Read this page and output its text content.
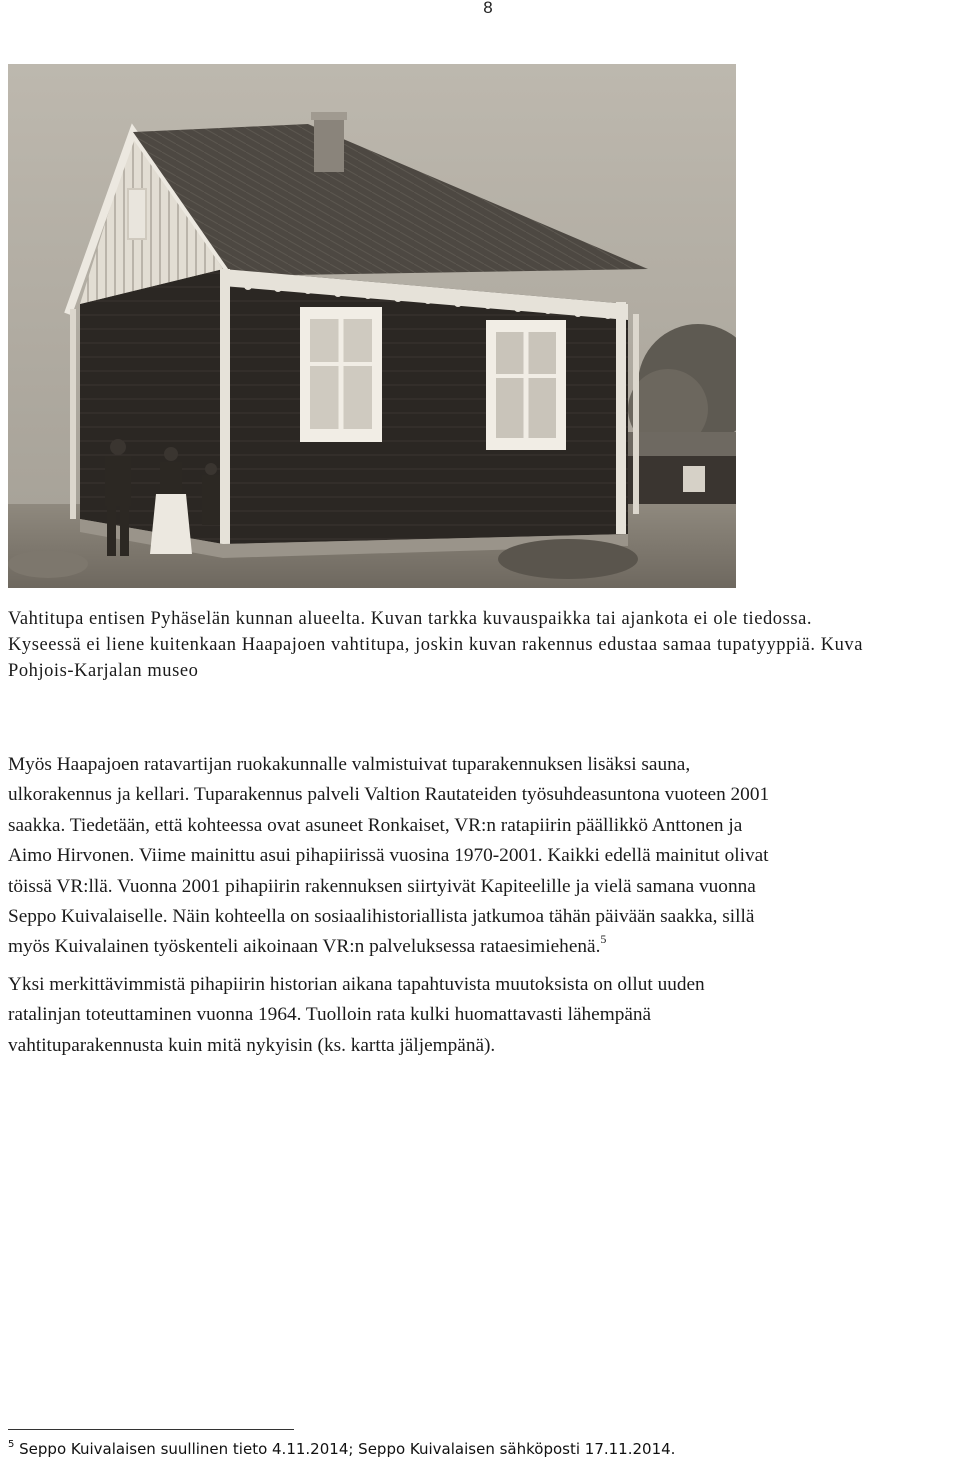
8

Vahtitupa entisen Pyhäselän kunnan alueelta. Kuvan tarkka kuvauspaikka tai ajankota ei ole tiedossa.

Kyseessä ei liene kuitenkaan Haapajoen vahtitupa, joskin kuvan rakennus edustaa samaa tupatyyppiä. Kuva

Pohjois-Karjalan museo

Myös Haapajoen ratavartijan ruokakunnalle valmistuivat tuparakennuksen lisäksi sauna,

ulkorakennus ja kellari. Tuparakennus palveli Valtion Rautateiden työsuhdeasuntona vuoteen 2001

saakka. Tiedetään, että kohteessa ovat asuneet Ronkaiset, VR:n ratapiirin päällikkö Anttonen ja

Aimo Hirvonen. Viime mainittu asui pihapiirissä vuosina 1970-2001. Kaikki edellä mainitut olivat

töissä VR:llä. Vuonna 2001 pihapiirin rakennuksen siirtyivät Kapiteelille ja vielä samana vuonna

Seppo Kuivalaiselle. Näin kohteella on sosiaalihistoriallista jatkumoa tähän päivään saakka, sillä

myös Kuivalainen työskenteli aikoinaan VR:n palveluksessa rataesimiehenä.$^5$

Yksi merkittävimmistä pihapiirin historian aikana tapahtuvista muutoksista on ollut uuden

ratalinjan toteuttaminen vuonna 1964. Tuolloin rata kulki huomattavasti lähempänä

vahtituparakennusta kuin mitä nykyisin (ks. kartta jäljempänä).

$^5$ Seppo Kuivalaisen suullinen tieto 4.11.2014; Seppo Kuivalaisen sähköposti 17.11.2014.
